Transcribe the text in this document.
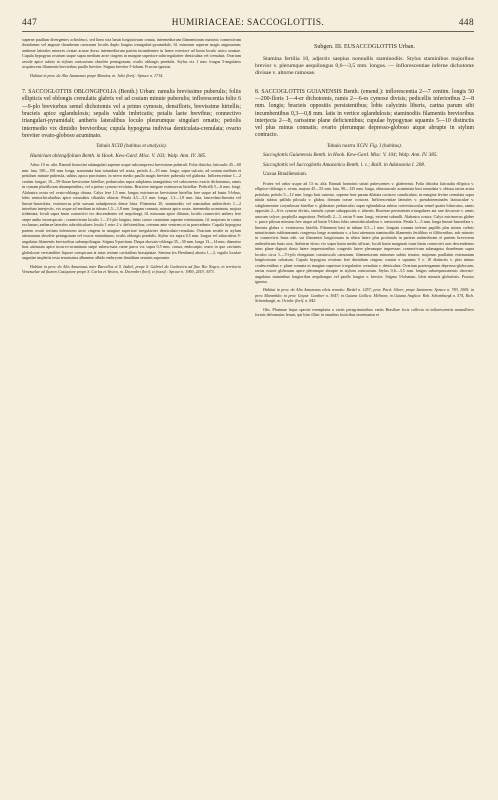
447	HUMIRIACEAE: SACCOGLOTTIS.	448

superne paullum divergentes ochroleuci, sed linea tota basin longitrorsum ornata, intermediorum filamentorum maximi; connectivum rhombeum vel anguste rhombeum carnosum loculis duplo longius triangulari-pyramidale, fil. minorum superne magis angustatum; antherae laterales minores ovatae acutae dorso intermediorum partim incumbentes in latere exteriore ad basin loculo unico ornatae. Cupula hypogyna ovarium usque supra medium arcte cingens in margine superiore subirregulariter denticulata vel crenulata. Ovarium sessile apice subito in stylum contractum obsolete pentagonum; ovulis oblongis pendulis. Stylus vix 1 mm. longus 5-angulatus acquiescens filamentis breviorbus paullo breviter. Stigma breviter 5-lobum. Fructus ignotus.

Habitat in prov. do Alto Amazonas prope Manáos, m. Julio florif.: Spruce n. 1714.

7. SACCOGLOTTIS OBLONGIFOLIA (Benth.) Urban: ramulis brevissime puberulis; foliis ellipticis vel oblongis crenulatis glabris vel ad costam minute puberulis; inflorescentia folio 6—9-plo breviorbus semel dichotomis vel a primo cymosis, densifloris, brevissime hirtellis; bracteis apice eglandulosis; sepalis valde imbricatis; petalis laete brevibus; connectivo triangulari-pyramidali; antheris lateralibus loculo pleurumque singulari ornatis; petiolis intermedio vix dimidio brevioribus; cupula hypogyna indivisa denticulata-crenulata; ovario breviter ovato-globoso acuminato.

Tabula XCIII (habitus et analysis).

Humirium oblongifolium Benth. in Hook. Kew-Gard. Misc. V. 103; Walp. Ann. IV. 385.

Arbor 10 m. alta. Ramuli hornotini subangulati superne usque subcompressi brevissime puberuli. Folia disticha, laticaulis 45—60 mm. lata, 100—150 mm. longa, acuminata basi rotundata vel acuta, petiolo 4—10 mm. longo, supra sulcato, ad costam medium et petiolum minute puberula, subtus opaca parcissime, in nervo medio paullo magis breviter puberula vel glabrata. Inflorescentiae 1—2 centim. longae, 10—50-florae brevissime hirtellae; pedunculus supra subplanus triangulatus vel subconvexo exacte dichotomus, ramis in cymam plurifloram abrumpentibus, vel a primo cymoso-evolutus. Bracteae integrae extrinsecus hirtellae. Pedicelli 5—6 mm. longi. Alabastra ovata vel ovato-oblonga obtusa. Calyx fere 1,5 mm. longus extrinsecus brevissime hirtellus fere usque ad basin 5-lobus, lobis semiorbicularibus apice rotundatis ciliatulis obtusis. Petala 4,5—5,5 mm. longa, 1,3—1,8 mm. lata, lanceolato-linearia vel lineari-lanceolata, extrinsecus pilis sursum subadpressis dense hirta. Filamenta 20, staminodiis vel staminibus antheriferis 1—2 interdum interjectis, vix usque ad medium in tubum 1,5—1,8 mm. longum connata, minora apice acuta, intermedia acuminata, majora tridentata; loculi supra basin connectivi vix descendentes vel aequilongi, fil. minorum apice dilatata, loculis connectivi anthers fere saepe ambo inconspicuis ; connectivum loculis 1—1½-plo longius, intus crasse carinatum superne extenuatum, fil. majorum in carina exclusum; antherae laterales suborbiculares loculo 1 retro 2 v. deficientibus; ceterum ante ventrem ut in praecedente. Cupula hypogyna partem ovarii tertiam inferiorem arcte cingens in margine superiore irregulariter denticulato-crenulata. Ovarium sessile in stylum attenuatum obsolete pentagonum vel exacte rotundatum; ovulis oblongis pendulis. Stylus vix supra 0,5 mm. longus vel subaculeus 5-angulatus filamentis brevioribus subaequilongus. Stigma 5-partitum. Drupa obovato-oblonga 35—50 mm. longa 13—14 mm. diametro basi attenuata apice incurvo-acuminata saepe subexcisata carne parca vix supra 0,5 mm. crassa, endocarpio osseo in quo cavitates globulosae verisimiliter liquore conspicuae at intus resinae cavitatibus biaseptatae. Semina (ex Bentham) abortu 1—2, vigulis loculae anguslae impletiis testa tenuissima albumine albido embryone dimidium seminis superante.

Habitat in prov. do Alto Amazonas inter Barcellos et S. Isabel, prope S. Gabriel da Cachoeira ad fluv. Rio Negro; in territorio Venezuelae ad flumen Casiquiare prope S. Carlos et Vasiva, m. Decembri florif. et fructif.: Spruce n. 1969, 2419, 3073.

Subgen. III. EUSACCOGLOTTIS Urban.

Stamina fertilia 10, adjectis saepius nonnullis staminodiis. Stylus staminibus majoribus brevior v. plerumque aequilongus 0,6—3,5 mm. longus. — Inflorescentiae inferne dichotome divisae v. altorne ramosae.

8. SACCOGLOTTIS GUIANENSIS Benth. (emend.): inflorescentia 2—7 centim. longis 50—200-floris 1—4-er dichotomis, ramis 2—6-es cymose divisis; pedicellis inferioribus 2—8 mm. longis; bracteis oppositis persistentibus; lobis calycinis liberis, carina parum sibi incumbentibus 0,3—0,8 mm. latis in vertice eglandulosis; staminodiis filamentis brevioribus interjecta 2—8, rarissime plane deficientibus; cupulae hypogynae squamis 5—10 distinctis vel plus minus connatis; ovario plerumque depresso-globoso atque abrupte in stylum contracto.

Tabula nostra XCIV. Fig. I (habitus).

Saccoglottis Guianensis Benth. in Hook. Kew-Gard. Misc. V. 104; Walp. Ann. IV. 385.

Saccoglottis vel Saccoglottis Amazonica Benth. l. c.; Baill. in Adansonia I. 208.

Uaxua Brasiliensium.

Frutex vel arbor usque ad 13 m. alta. Ramuli hornotini striati pubescentes v. glaberrimi. Folia disticha laticaulia elliptica v. elliptico-oblonga v. ovata, majora 45—55 mm. lata, 90—135 mm. longa, obtusiuscule acuminata basi rotundata v. obtusa rarius acuta petiolata, petiolo 5—12 mm. longo basi cuneato, superne basi parum dilatata coriaceo canaliculato, in margine leviter crenulata supra nitida subtus pallida pilosula v. glabra, domum crasse coriacea. Inflorescentiae laterales v. pseudoterminales laxiusculae v. subglomeratae corymbosae hirtellae v. glabratae; pedunculus supra eglandulosa subtus convexiusculus semel quater bifurcatus, ramis oppositis 2—6-es cymose divisis, ramulis cymae suboppositis v. alternis. Bracteae persistentes triangulares aut rare decurvae v. ramis unacum calyce; prophylla angustiora. Pedicelli 2—3, rarius 8 mm. longi, extremi subnulli. Alabastra conica. Calyx extrinsecus glaber v. parce pilosus minutus fere usque ad basin 5-lobus lobis semiorbicularibus v. semiovatis. Petala 3—5 mm. longa lineari-lanceolata v. linearia glabra v. extrinsecus hirtella. Filamenta basi in tubum 0,5—1 mm. longum connata inferne papillis plus minus crebris minutissimis subbinarumis congressa longe acuminata v. a basi attenuata staminodiis filamentis fertilibus et filiformibus, sub minoris in connectivis Intus edit. sui filamentis longitorsum in altera latere plus produrala in partem antheriferam et partem breviorem antheriferam basis orta. Antherae dorso vix supra basin medio affixae; loculi basin marginati trans basin connectivi non descendentes intus plane dignoti dorso latere impressionibus congestis latere plerumque impressae; connectivum submagnus rhombeum supra loculos circa 1—1½-plo elongatum crassiusculo carnosum, filamentorum minorum subito tenuior, majorum paullatim extenuatum longitrorsum sulcatum. Cupula hypogyna ovarium fere dimidium cingens constat e squamis 5 v. 10 distinctis v. plus minus coalescentibus v. plane connata in margine superiore irregulariter crenulata v. denticulata. Ovarium praeterganum depresso-globosum, rarius exacte globosum apice plerumque abrupte in stylum contractum. Stylus 0,6—3,5 mm. longus subaequiacutensis obovato-angulatus staminibus longioribus aequilongus vel paullo longior v. brevior. Stigma 5-lobatum, lobis minutis globulosis. Fructus ignotus.

Habitat in prov. do Alto Amazonas silvis remotis: Riedel n. 1457; prov. Pará: Silver; prope Santarem: Spruce n. 783, 1009; in prov. Maranhão: in prov. Goyaz: Gardner n. 3047; in Guiana Gallica: Mélinon; in Guiana Anglica: Rob. Schomburgk n. 574, Rich. Schomburgk, m. Octobr. florif. n. 842.

Obs. Plurimae hujus speciei exemplaria a variis peregrinatoribus variis Brasiliae locis collecta in inflorescentiis nonnullisve formis deformatas ferunt, qui hinc illinc in omnibus fruticibus inveniuntur et
